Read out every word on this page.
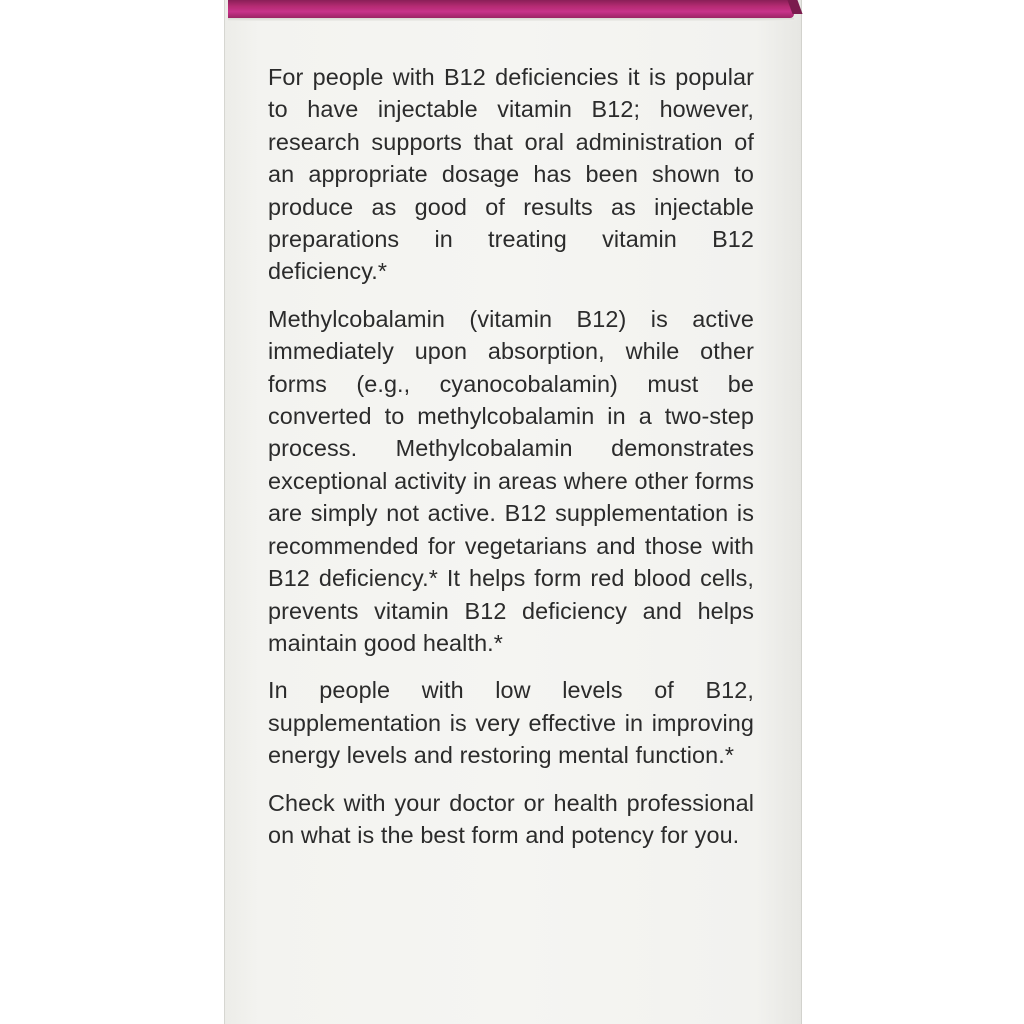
For people with B12 deficiencies it is popular to have injectable vitamin B12; however, research supports that oral administration of an appropriate dosage has been shown to produce as good of results as injectable preparations in treating vitamin B12 deficiency.*

Methylcobalamin (vitamin B12) is active immediately upon absorption, while other forms (e.g., cyanocobalamin) must be converted to methylcobalamin in a two-step process. Methylcobalamin demonstrates exceptional activity in areas where other forms are simply not active. B12 supplementation is recommended for vegetarians and those with B12 deficiency.* It helps form red blood cells, prevents vitamin B12 deficiency and helps maintain good health.*

In people with low levels of B12, supplementation is very effective in improving energy levels and restoring mental function.*

Check with your doctor or health professional on what is the best form and potency for you.
